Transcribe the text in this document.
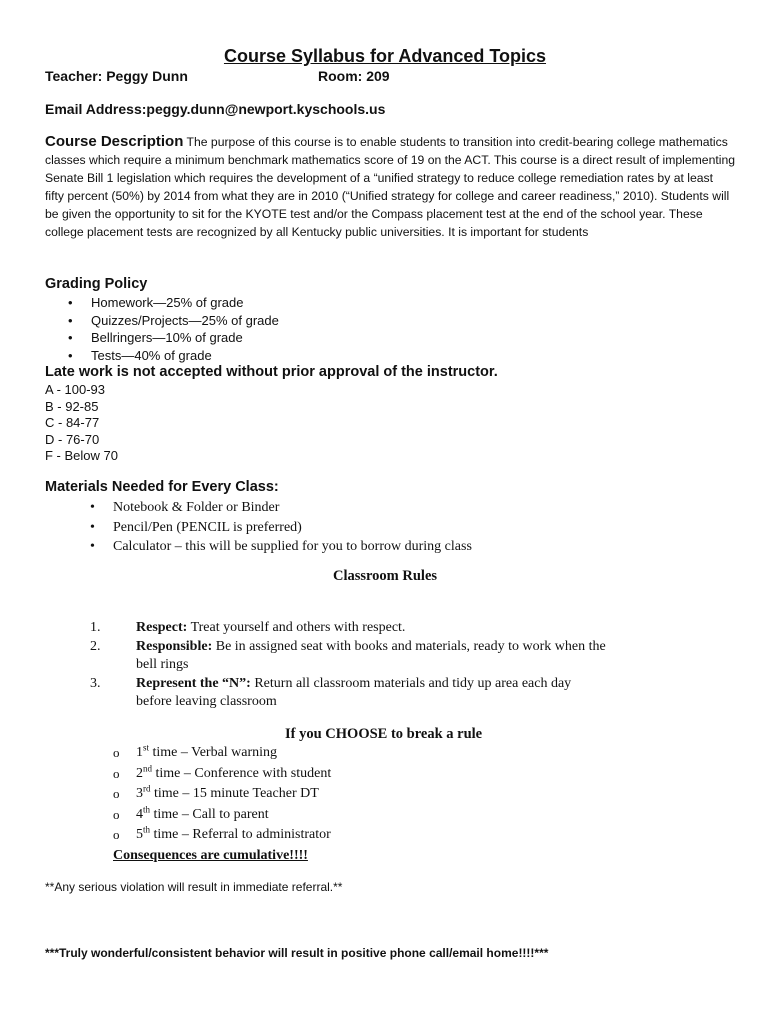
Course Syllabus for Advanced Topics
Teacher: Peggy Dunn	Room: 209
Email Address:peggy.dunn@newport.kyschools.us
Course Description The purpose of this course is to enable students to transition into credit-bearing college mathematics classes which require a minimum benchmark mathematics score of 19 on the ACT. This course is a direct result of implementing Senate Bill 1 legislation which requires the development of a “unified strategy to reduce college remediation rates by at least fifty percent (50%) by 2014 from what they are in 2010 (“Unified strategy for college and career readiness,” 2010). Students will be given the opportunity to sit for the KYOTE test and/or the Compass placement test at the end of the school year. These college placement tests are recognized by all Kentucky public universities. It is important for students
Grading Policy
• Homework—25% of grade
• Quizzes/Projects—25% of grade
• Bellringers—10% of grade
• Tests—40% of grade
Late work is not accepted without prior approval of the instructor.
A - 100-93
B - 92-85
C - 84-77
D - 76-70
F - Below 70
Materials Needed for Every Class:
• Notebook & Folder or Binder
• Pencil/Pen (PENCIL is preferred)
• Calculator – this will be supplied for you to borrow during class
Classroom Rules
1.	Respect: Treat yourself and others with respect.
2.	Responsible: Be in assigned seat with books and materials, ready to work when the bell rings
3.	Represent the “N”: Return all classroom materials and tidy up area each day before leaving classroom
If you CHOOSE to break a rule
o 1st time – Verbal warning
o 2nd time – Conference with student
o 3rd time – 15 minute Teacher DT
o 4th time – Call to parent
o 5th time – Referral to administrator
Consequences are cumulative!!!!
**Any serious violation will result in immediate referral.**
***Truly wonderful/consistent behavior will result in positive phone call/email home!!!!***
